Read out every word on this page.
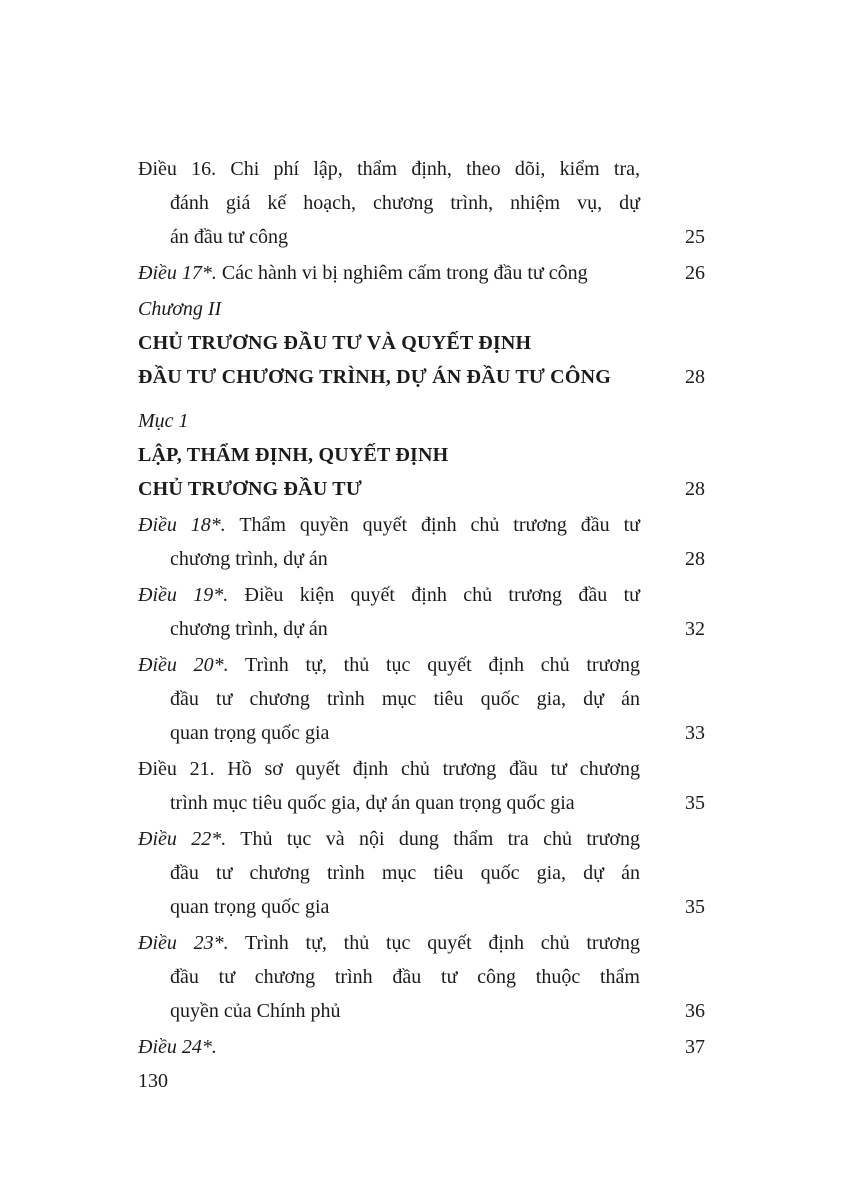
Điều 16. Chi phí lập, thẩm định, theo dõi, kiểm tra,
đánh giá kế hoạch, chương trình, nhiệm vụ, dự
án đầu tư công	25
Điều 17*. Các hành vi bị nghiêm cấm trong đầu tư công	26
Chương II
CHỦ TRƯƠNG ĐẦU TƯ VÀ QUYẾT ĐỊNH
ĐẦU TƯ CHƯƠNG TRÌNH, DỰ ÁN ĐẦU TƯ CÔNG	28
Mục 1
LẬP, THẨM ĐỊNH, QUYẾT ĐỊNH
CHỦ TRƯƠNG ĐẦU TƯ	28
Điều 18*. Thẩm quyền quyết định chủ trương đầu tư
chương trình, dự án	28
Điều 19*. Điều kiện quyết định chủ trương đầu tư
chương trình, dự án	32
Điều 20*. Trình tự, thủ tục quyết định chủ trương
đầu tư chương trình mục tiêu quốc gia, dự án
quan trọng quốc gia	33
Điều 21. Hồ sơ quyết định chủ trương đầu tư chương
trình mục tiêu quốc gia, dự án quan trọng quốc gia	35
Điều 22*. Thủ tục và nội dung thẩm tra chủ trương
đầu tư chương trình mục tiêu quốc gia, dự án
quan trọng quốc gia	35
Điều 23*. Trình tự, thủ tục quyết định chủ trương
đầu tư chương trình đầu tư công thuộc thẩm
quyền của Chính phủ	36
Điều 24*.	37
130
